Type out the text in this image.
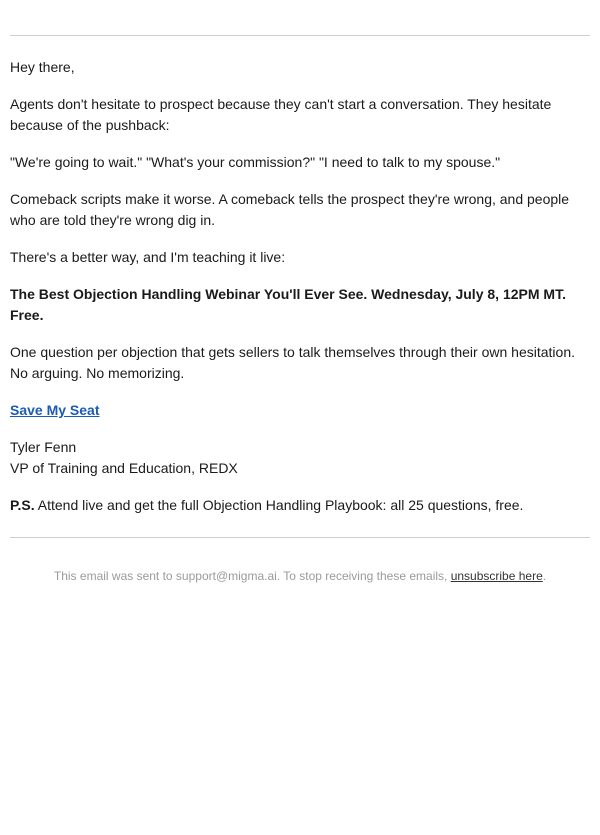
Hey there,

Agents don't hesitate to prospect because they can't start a conversation. They hesitate because of the pushback:

"We're going to wait." "What's your commission?" "I need to talk to my spouse."

Comeback scripts make it worse. A comeback tells the prospect they're wrong, and people who are told they're wrong dig in.

There's a better way, and I'm teaching it live:

The Best Objection Handling Webinar You'll Ever See. Wednesday, July 8, 12PM MT. Free.

One question per objection that gets sellers to talk themselves through their own hesitation. No arguing. No memorizing.

Save My Seat

Tyler Fenn
VP of Training and Education, REDX

P.S. Attend live and get the full Objection Handling Playbook: all 25 questions, free.

This email was sent to support@migma.ai. To stop receiving these emails, unsubscribe here.
